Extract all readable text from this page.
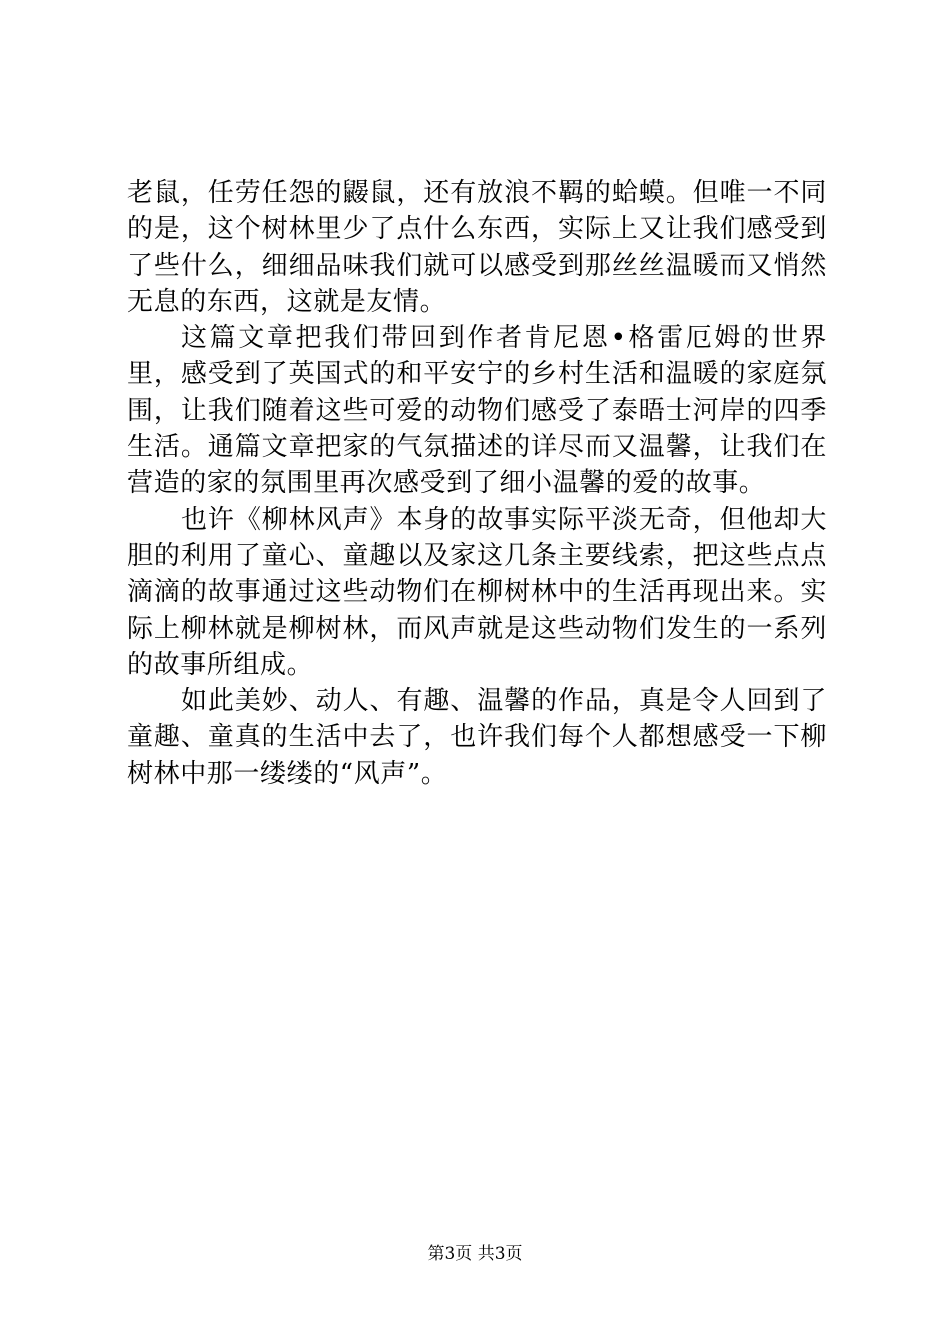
老鼠，任劳任怨的鼹鼠，还有放浪不羁的蛤蟆。但唯一不同的是，这个树林里少了点什么东西，实际上又让我们感受到了些什么，细细品味我们就可以感受到那丝丝温暖而又悄然无息的东西，这就是友情。

这篇文章把我们带回到作者肯尼恩•格雷厄姆的世界里，感受到了英国式的和平安宁的乡村生活和温暖的家庭氛围，让我们随着这些可爱的动物们感受了泰晤士河岸的四季生活。通篇文章把家的气氛描述的详尽而又温馨，让我们在营造的家的氛围里再次感受到了细小温馨的爱的故事。

也许《柳林风声》本身的故事实际平淡无奇，但他却大胆的利用了童心、童趣以及家这几条主要线索，把这些点点滴滴的故事通过这些动物们在柳树林中的生活再现出来。实际上柳林就是柳树林，而风声就是这些动物们发生的一系列的故事所组成。

如此美妙、动人、有趣、温馨的作品，真是令人回到了童趣、童真的生活中去了，也许我们每个人都想感受一下柳树林中那一缕缕的“风声”。

第3页 共3页
